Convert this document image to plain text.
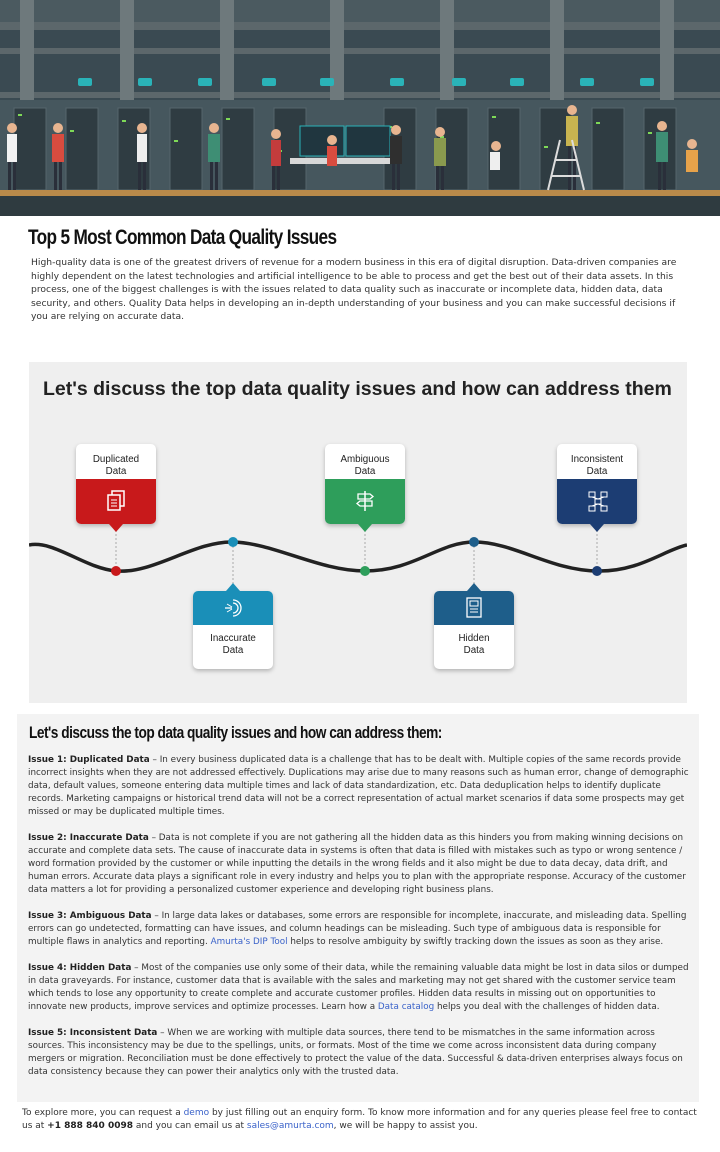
Top 5 Most Common Data Quality Issues

High-quality data is one of the greatest drivers of revenue for a modern business in this era of digital disruption. Data-driven companies are highly dependent on the latest technologies and artificial intelligence to be able to process and get the best out of their data assets. In this process, one of the biggest challenges is with the issues related to data quality such as inaccurate or incomplete data, hidden data, data security, and others. Quality Data helps in developing an in-depth understanding of your business and you can make successful decisions if you are relying on accurate data.

Let's discuss the top data quality issues and how can address them
Duplicated
Data
Ambiguous
Data
Inconsistent
Data
Inaccurate
Data
Hidden
Data
Let's discuss the top data quality issues and how can address them:

Issue 1: Duplicated Data – In every business duplicated data is a challenge that has to be dealt with. Multiple copies of the same records provide incorrect insights when they are not addressed effectively. Duplications may arise due to many reasons such as human error, change of demographic data, default values, someone entering data multiple times and lack of data standardization, etc. Data deduplication helps to identify duplicate records. Marketing campaigns or historical trend data will not be a correct representation of actual market scenarios if data some prospects may get missed or may be duplicated multiple times.

Issue 2: Inaccurate Data – Data is not complete if you are not gathering all the hidden data as this hinders you from making winning decisions on accurate and complete data sets. The cause of inaccurate data in systems is often that data is filled with mistakes such as typo or wrong sentence / word formation provided by the customer or while inputting the details in the wrong fields and it also might be due to data decay, data drift, and human errors. Accurate data plays a significant role in every industry and helps you to plan with the appropriate response. Accuracy of the customer data matters a lot for providing a personalized customer experience and developing right business plans.

Issue 3: Ambiguous Data – In large data lakes or databases, some errors are responsible for incomplete, inaccurate, and misleading data. Spelling errors can go undetected, formatting can have issues, and column headings can be misleading. Such type of ambiguous data is responsible for multiple flaws in analytics and reporting. Amurta's DIP Tool helps to resolve ambiguity by swiftly tracking down the issues as soon as they arise.

Issue 4: Hidden Data – Most of the companies use only some of their data, while the remaining valuable data might be lost in data silos or dumped in data graveyards. For instance, customer data that is available with the sales and marketing may not get shared with the customer service team which tends to lose any opportunity to create complete and accurate customer profiles. Hidden data results in missing out on opportunities to innovate new products, improve services and optimize processes. Learn how a Data catalog helps you deal with the challenges of hidden data.

Issue 5: Inconsistent Data – When we are working with multiple data sources, there tend to be mismatches in the same information across sources. This inconsistency may be due to the spellings, units, or formats. Most of the time we come across inconsistent data during company mergers or migration. Reconciliation must be done effectively to protect the value of the data. Successful & data-driven enterprises always focus on data consistency because they can power their analytics only with the trusted data.

To explore more, you can request a demo by just filling out an enquiry form. To know more information and for any queries please feel free to contact us at +1 888 840 0098 and you can email us at sales@amurta.com, we will be happy to assist you.
